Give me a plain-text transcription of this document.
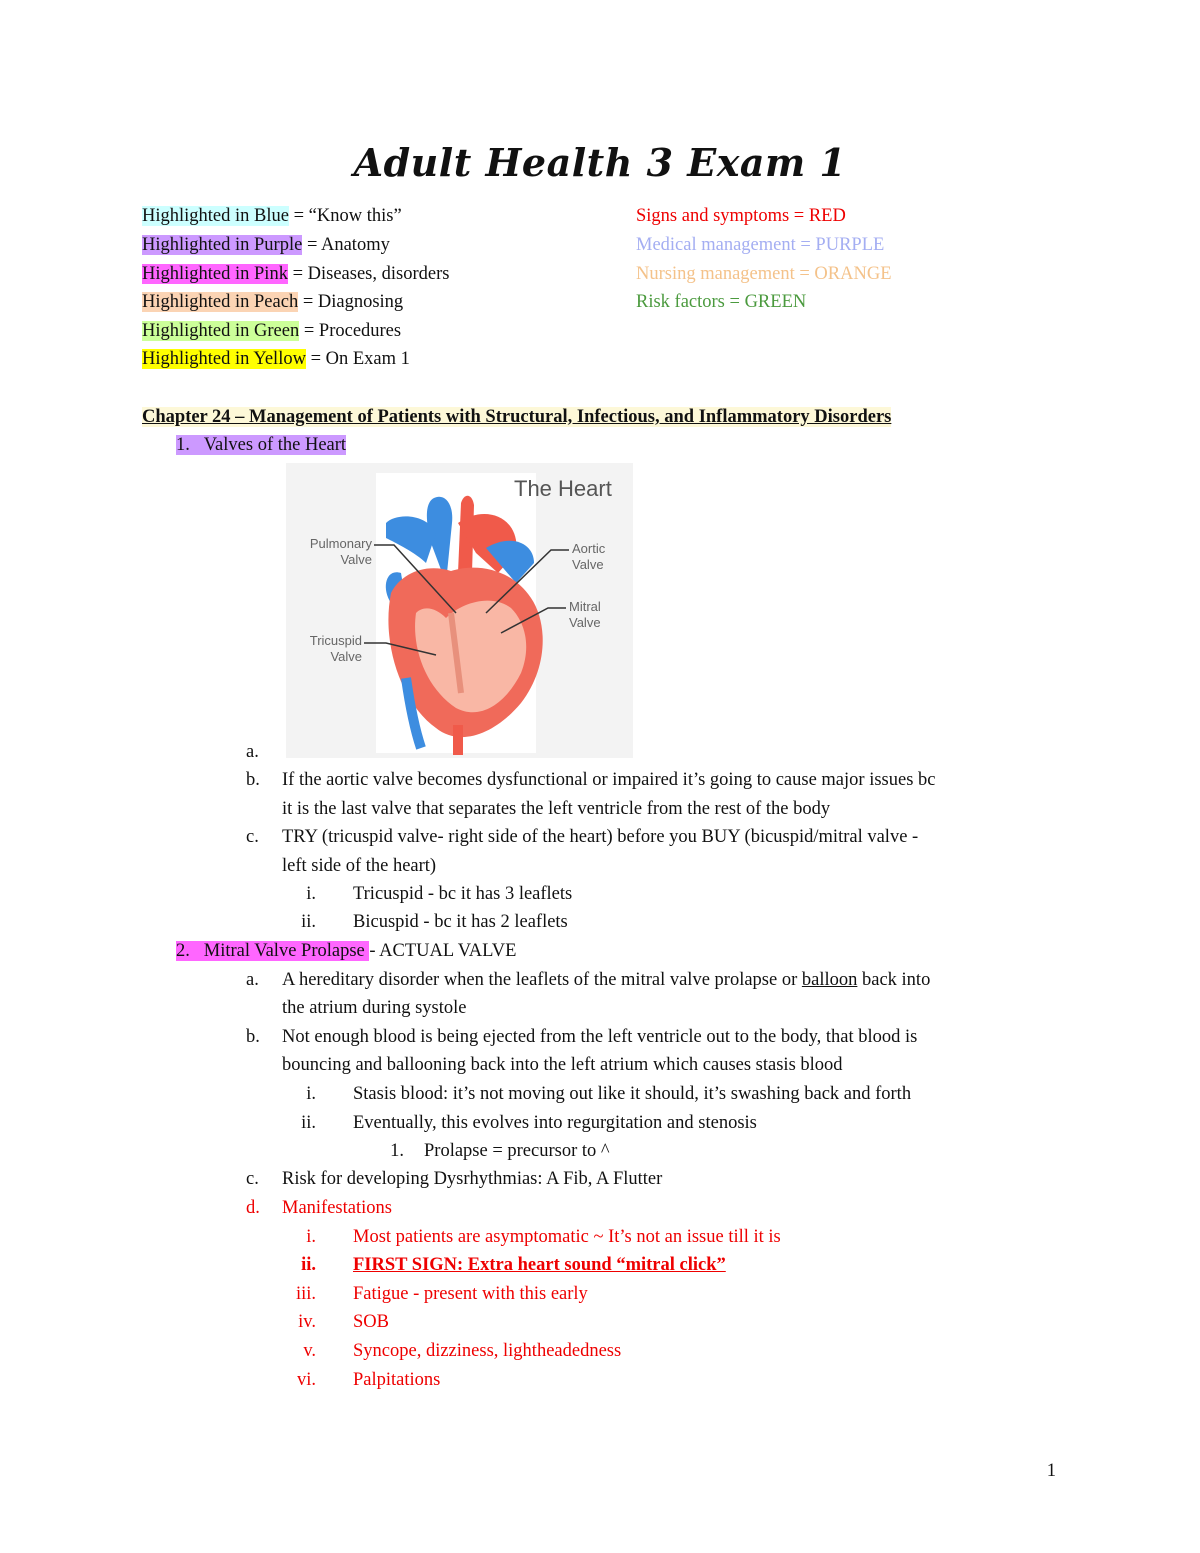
Adult Health 3 Exam 1
Highlighted in Blue = “Know this”
Highlighted in Purple = Anatomy
Highlighted in Pink = Diseases, disorders
Highlighted in Peach = Diagnosing
Highlighted in Green = Procedures
Highlighted in Yellow = On Exam 1
Signs and symptoms = RED
Medical management = PURPLE
Nursing management = ORANGE
Risk factors = GREEN
Chapter 24 – Management of Patients with Structural, Infectious, and Inflammatory Disorders
1. Valves of the Heart
The Heart
Pulmonary
Valve
Tricuspid
Valve
Aortic
Valve
Mitral
Valve
a.
b. If the aortic valve becomes dysfunctional or impaired it’s going to cause major issues bc
it is the last valve that separates the left ventricle from the rest of the body
c. TRY (tricuspid valve- right side of the heart) before you BUY (bicuspid/mitral valve -
left side of the heart)
i. Tricuspid - bc it has 3 leaflets
ii. Bicuspid - bc it has 2 leaflets
2. Mitral Valve Prolapse - ACTUAL VALVE
a. A hereditary disorder when the leaflets of the mitral valve prolapse or balloon back into
the atrium during systole
b. Not enough blood is being ejected from the left ventricle out to the body, that blood is
bouncing and ballooning back into the left atrium which causes stasis blood
i. Stasis blood: it’s not moving out like it should, it’s swashing back and forth
ii. Eventually, this evolves into regurgitation and stenosis
1. Prolapse = precursor to ^
c. Risk for developing Dysrhythmias: A Fib, A Flutter
d. Manifestations
i. Most patients are asymptomatic ~ It’s not an issue till it is
ii. FIRST SIGN: Extra heart sound “mitral click”
iii. Fatigue - present with this early
iv. SOB
v. Syncope, dizziness, lightheadedness
vi. Palpitations
1
